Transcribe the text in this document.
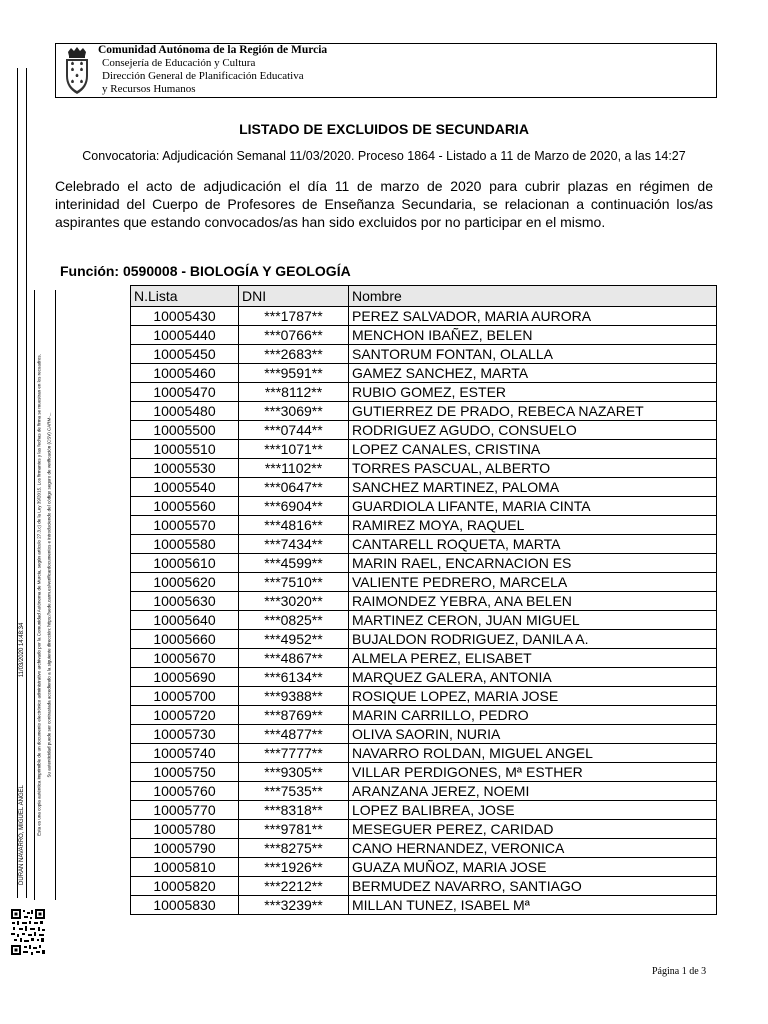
11/03/2020 14:48:34
DURÁN NAVARRO, MIGUEL ÁNGEL	Esta es una copia auténtica imprimible de un documento electrónico administrativo archivado por la Comunidad Autónoma de Murcia, según artículo 27.3.c) de la Ley 39/2015. Los firmantes y las fechas de firma se muestran en los recuadros. Su autenticidad puede ser contrastada accediendo a la siguiente dirección: https://sede.carm.es/verificardocumentos e introduciendo del código seguro de verificación (CSV) CARM-...
Comunidad Autónoma de la Región de Murcia
Consejería de Educación y Cultura
Dirección General de Planificación Educativa
y Recursos Humanos
LISTADO DE EXCLUIDOS DE SECUNDARIA
Convocatoria: Adjudicación Semanal 11/03/2020. Proceso 1864 - Listado a 11 de Marzo de 2020, a las 14:27
Celebrado el acto de adjudicación el día 11 de marzo de 2020 para cubrir plazas en régimen de interinidad del Cuerpo de Profesores de Enseñanza Secundaria, se relacionan a continuación los/as aspirantes que estando convocados/as han sido excluidos por no participar en el mismo.
Función: 0590008 - BIOLOGÍA Y GEOLOGÍA
N.Lista	DNI	Nombre
10005430	***1787**	PEREZ SALVADOR, MARIA AURORA
10005440	***0766**	MENCHON IBAÑEZ, BELEN
10005450	***2683**	SANTORUM FONTAN, OLALLA
10005460	***9591**	GAMEZ SANCHEZ, MARTA
10005470	***8112**	RUBIO GOMEZ, ESTER
10005480	***3069**	GUTIERREZ DE PRADO, REBECA NAZARET
10005500	***0744**	RODRIGUEZ AGUDO, CONSUELO
10005510	***1071**	LOPEZ CANALES, CRISTINA
10005530	***1102**	TORRES PASCUAL, ALBERTO
10005540	***0647**	SANCHEZ MARTINEZ, PALOMA
10005560	***6904**	GUARDIOLA LIFANTE, MARIA CINTA
10005570	***4816**	RAMIREZ MOYA, RAQUEL
10005580	***7434**	CANTARELL ROQUETA, MARTA
10005610	***4599**	MARIN RAEL, ENCARNACION ES
10005620	***7510**	VALIENTE PEDRERO, MARCELA
10005630	***3020**	RAIMONDEZ YEBRA, ANA BELEN
10005640	***0825**	MARTINEZ CERON, JUAN MIGUEL
10005660	***4952**	BUJALDON RODRIGUEZ, DANILA A.
10005670	***4867**	ALMELA PEREZ, ELISABET
10005690	***6134**	MARQUEZ GALERA, ANTONIA
10005700	***9388**	ROSIQUE LOPEZ, MARIA JOSE
10005720	***8769**	MARIN CARRILLO, PEDRO
10005730	***4877**	OLIVA SAORIN, NURIA
10005740	***7777**	NAVARRO ROLDAN, MIGUEL ANGEL
10005750	***9305**	VILLAR PERDIGONES, Mª ESTHER
10005760	***7535**	ARANZANA JEREZ, NOEMI
10005770	***8318**	LOPEZ BALIBREA, JOSE
10005780	***9781**	MESEGUER PEREZ, CARIDAD
10005790	***8275**	CANO HERNANDEZ, VERONICA
10005810	***1926**	GUAZA MUÑOZ, MARIA JOSE
10005820	***2212**	BERMUDEZ NAVARRO, SANTIAGO
10005830	***3239**	MILLAN TUNEZ, ISABEL Mª
Página 1 de 3
